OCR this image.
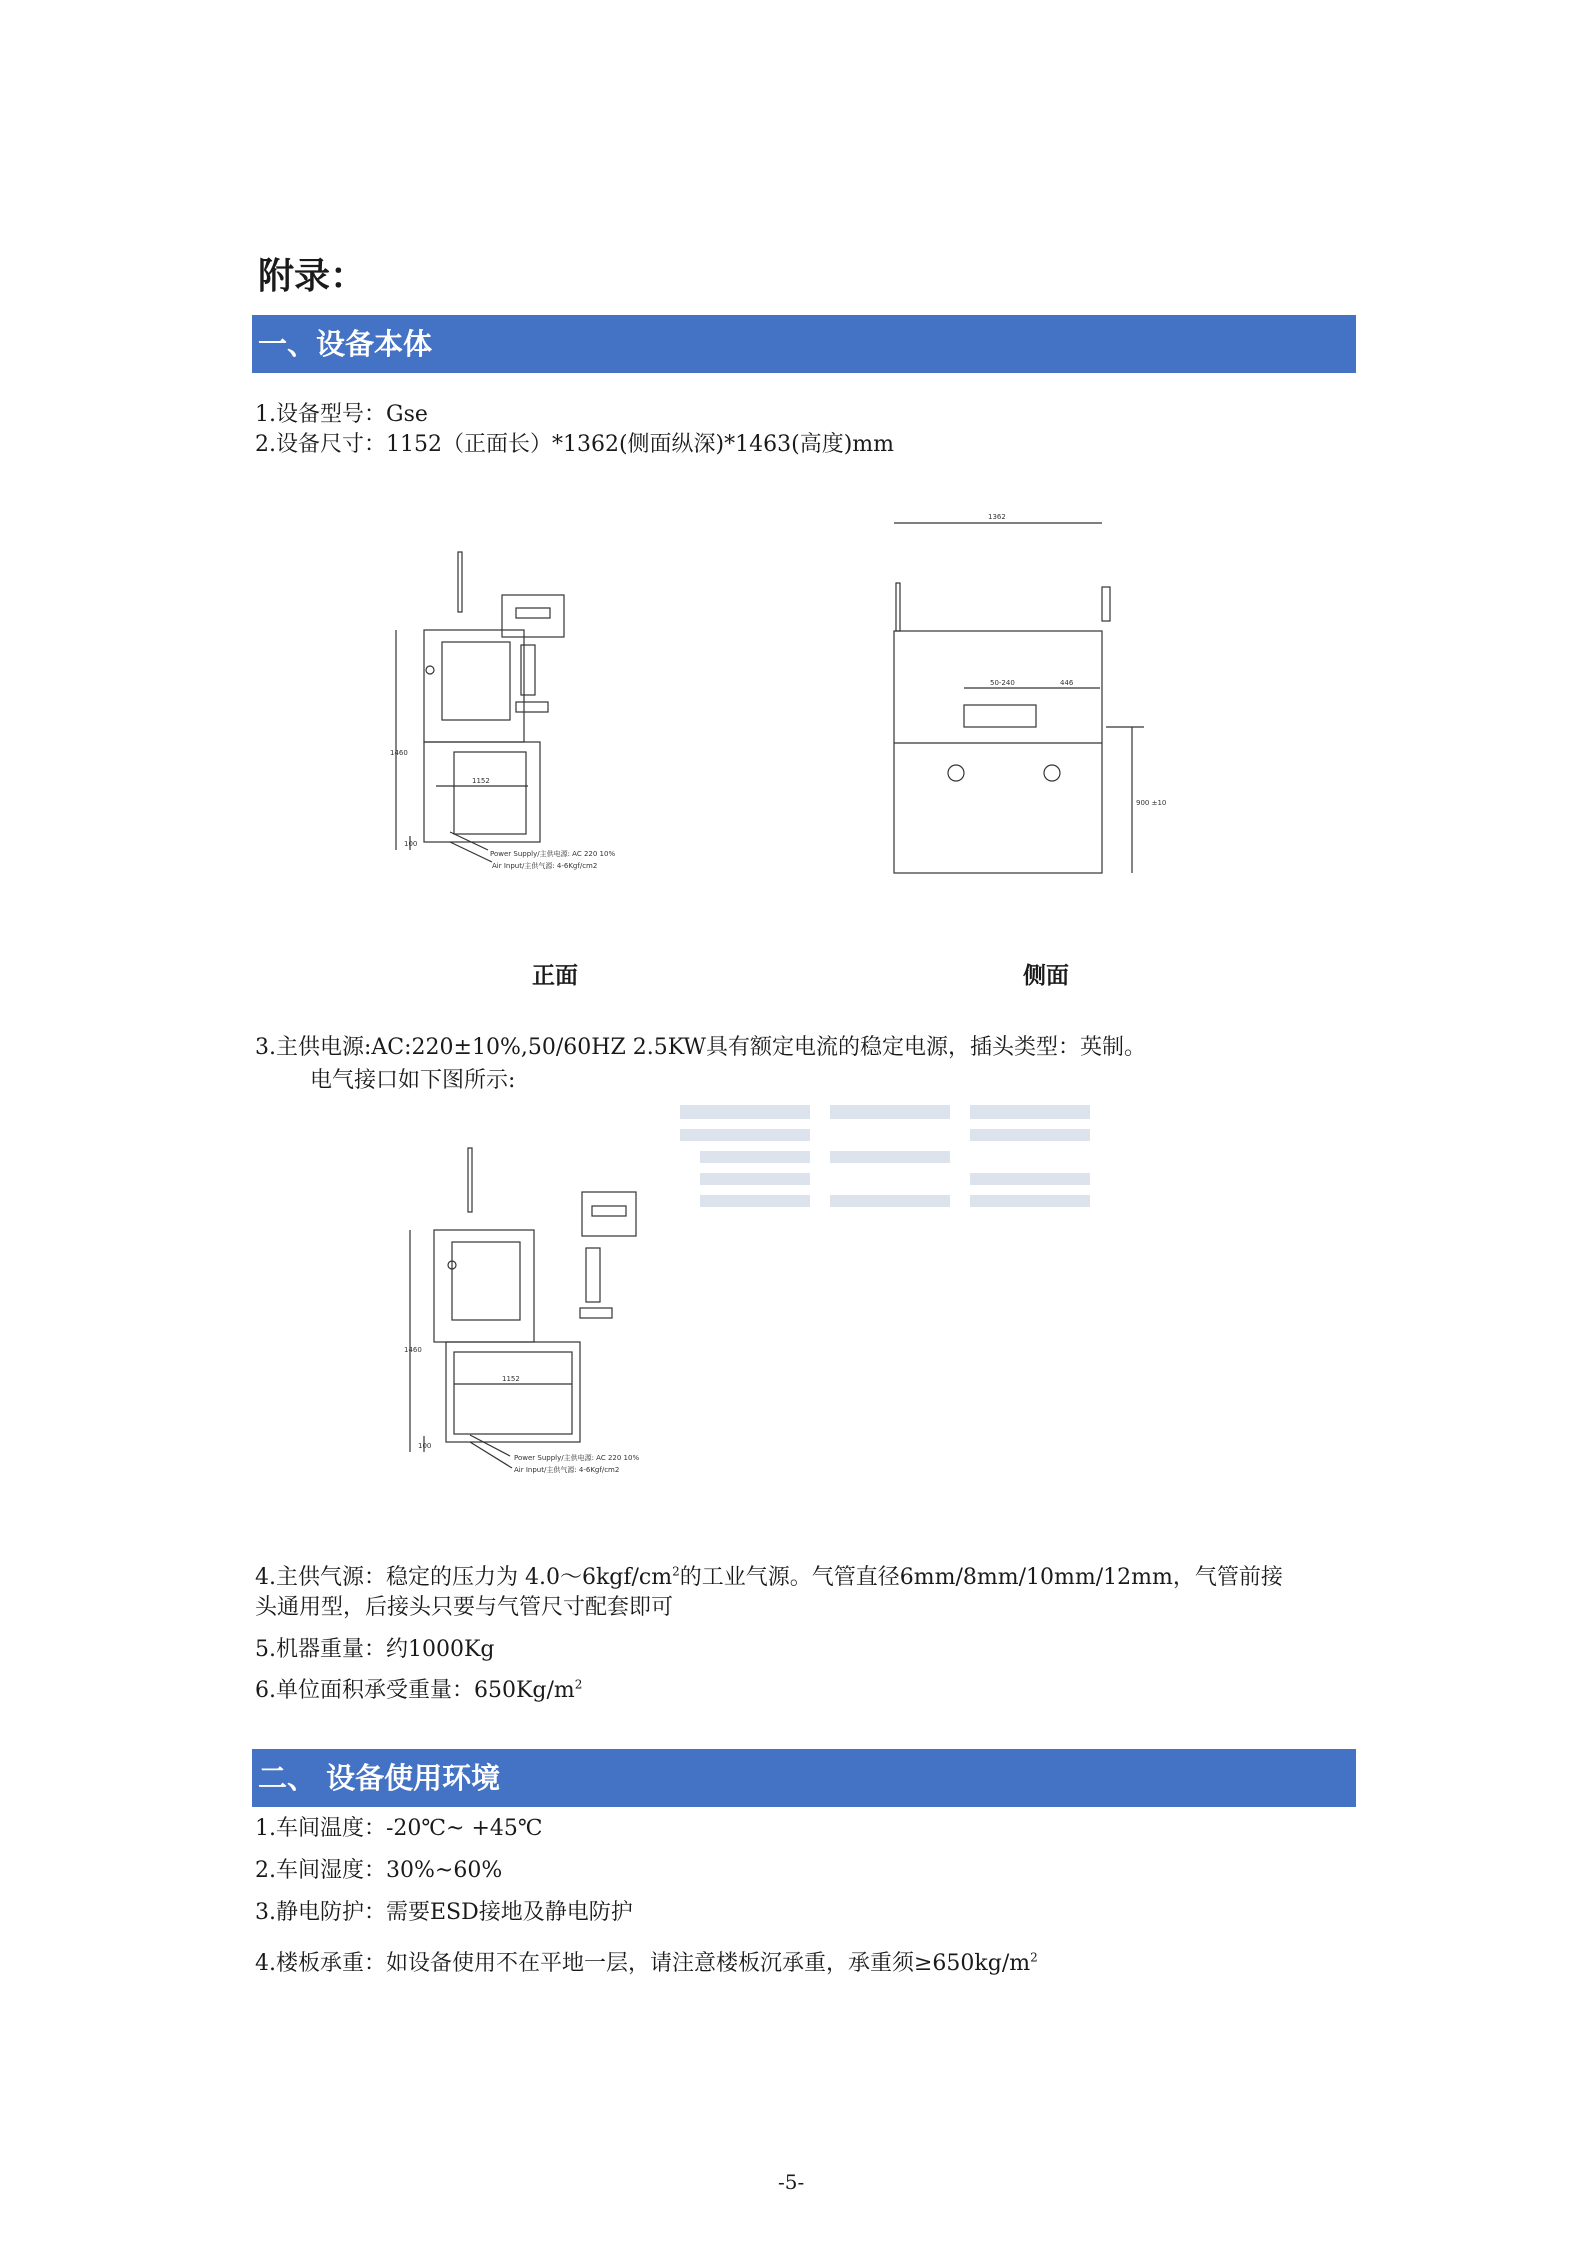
附录：
一、设备本体
1.设备型号：Gse
2.设备尺寸：1152（正面长）*1362(侧面纵深)*1463(高度)mm
1460
1152
100
Power Supply/主供电源: AC 220 10%
Air Input/主供气源: 4-6Kgf/cm2
1362
50-240	446
900 ±10
正面	侧面
3.主供电源:AC:220±10%,50/60HZ 2.5KW具有额定电流的稳定电源，插头类型：英制。
电气接口如下图所示:
1460
1152
100
Power Supply/主供电源: AC 220 10%
Air Input/主供气源: 4-6Kgf/cm2
4.主供气源：稳定的压力为 $4.0\sim 6kgf/cm^2$的工业气源。气管直径6mm/8mm/10mm/12mm，气管前接
头通用型，后接头只要与气管尺寸配套即可
5.机器重量：约1000Kg
6.单位面积承受重量：$650Kg/m^2$
二、 设备使用环境
1.车间温度：-20℃~ +45℃
2.车间湿度：30%~60%
3.静电防护：需要ESD接地及静电防护
4.楼板承重：如设备使用不在平地一层，请注意楼板沉承重，承重须$\ge 650kg/m^2$
-5-
